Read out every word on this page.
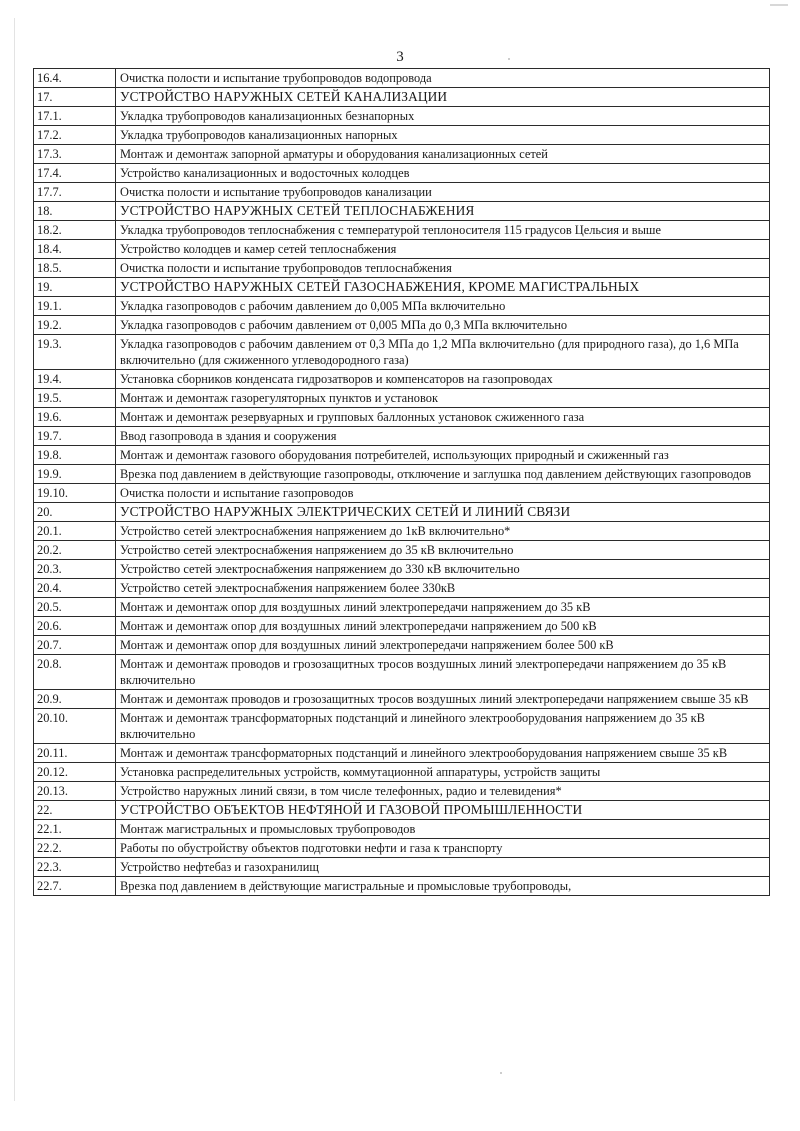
3
16.4.	Очистка полости и испытание трубопроводов водопровода
17.	УСТРОЙСТВО НАРУЖНЫХ СЕТЕЙ КАНАЛИЗАЦИИ
17.1.	Укладка трубопроводов канализационных безнапорных
17.2.	Укладка трубопроводов канализационных напорных
17.3.	Монтаж и демонтаж запорной арматуры и оборудования канализационных сетей
17.4.	Устройство канализационных и водосточных колодцев
17.7.	Очистка полости и испытание трубопроводов канализации
18.	УСТРОЙСТВО НАРУЖНЫХ СЕТЕЙ ТЕПЛОСНАБЖЕНИЯ
18.2.	Укладка трубопроводов теплоснабжения с температурой теплоносителя 115 градусов Цельсия и выше
18.4.	Устройство колодцев и камер сетей теплоснабжения
18.5.	Очистка полости и испытание трубопроводов теплоснабжения
19.	УСТРОЙСТВО НАРУЖНЫХ СЕТЕЙ ГАЗОСНАБЖЕНИЯ, КРОМЕ МАГИСТРАЛЬНЫХ
19.1.	Укладка газопроводов с рабочим давлением до 0,005 МПа включительно
19.2.	Укладка газопроводов с рабочим давлением от 0,005 МПа до 0,3 МПа включительно
19.3.	Укладка газопроводов с рабочим давлением от 0,3 МПа до 1,2 МПа включительно (для природного газа), до 1,6 МПа включительно (для сжиженного углеводородного газа)
19.4.	Установка сборников конденсата гидрозатворов и компенсаторов на газопроводах
19.5.	Монтаж и демонтаж газорегуляторных пунктов и установок
19.6.	Монтаж и демонтаж резервуарных и групповых баллонных установок сжиженного газа
19.7.	Ввод газопровода в здания и сооружения
19.8.	Монтаж и демонтаж газового оборудования потребителей, использующих природный и сжиженный газ
19.9.	Врезка под давлением в действующие газопроводы, отключение и заглушка под давлением действующих газопроводов
19.10.	Очистка полости и испытание газопроводов
20.	УСТРОЙСТВО НАРУЖНЫХ ЭЛЕКТРИЧЕСКИХ СЕТЕЙ И ЛИНИЙ СВЯЗИ
20.1.	Устройство сетей электроснабжения напряжением до 1кВ включительно*
20.2.	Устройство сетей электроснабжения напряжением до 35 кВ включительно
20.3.	Устройство сетей электроснабжения напряжением до 330 кВ включительно
20.4.	Устройство сетей электроснабжения напряжением более 330кВ
20.5.	Монтаж и демонтаж опор для воздушных линий электропередачи напряжением до 35 кВ
20.6.	Монтаж и демонтаж опор для воздушных линий электропередачи напряжением до 500 кВ
20.7.	Монтаж и демонтаж опор для воздушных линий электропередачи напряжением более 500 кВ
20.8.	Монтаж и демонтаж проводов и грозозащитных тросов воздушных линий электропередачи напряжением до 35 кВ включительно
20.9.	Монтаж и демонтаж проводов и грозозащитных тросов воздушных линий электропередачи напряжением свыше 35 кВ
20.10.	Монтаж и демонтаж трансформаторных подстанций и линейного электрооборудования напряжением до 35 кВ включительно
20.11.	Монтаж и демонтаж трансформаторных подстанций и линейного электрооборудования напряжением свыше 35 кВ
20.12.	Установка распределительных устройств, коммутационной аппаратуры, устройств защиты
20.13.	Устройство наружных линий связи, в том числе телефонных, радио и телевидения*
22.	УСТРОЙСТВО ОБЪЕКТОВ НЕФТЯНОЙ И ГАЗОВОЙ ПРОМЫШЛЕННОСТИ
22.1.	Монтаж магистральных и промысловых трубопроводов
22.2.	Работы по обустройству объектов подготовки нефти и газа к транспорту
22.3.	Устройство нефтебаз и газохранилищ
22.7.	Врезка под давлением в действующие магистральные и промысловые трубопроводы,
